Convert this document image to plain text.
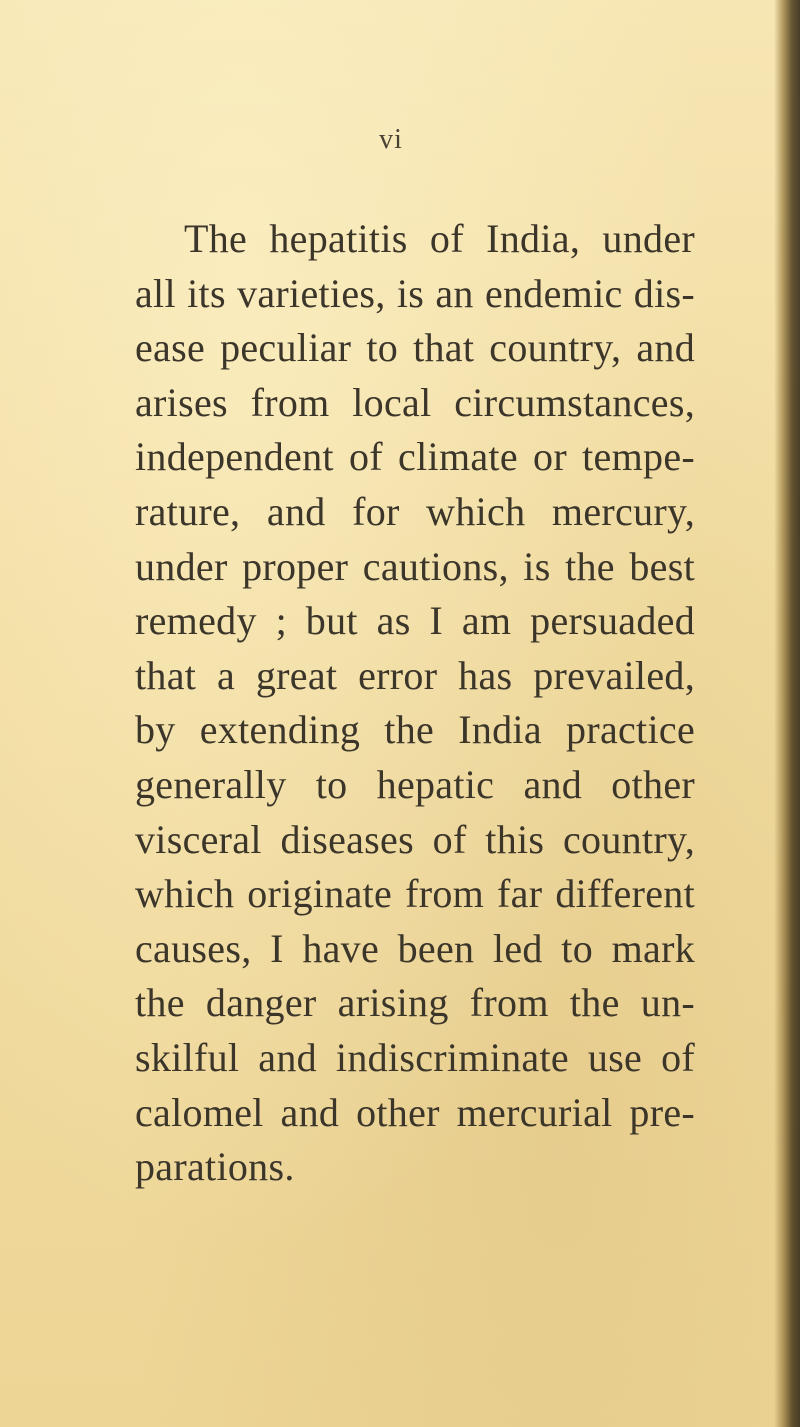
vi
The hepatitis of India, under
all its varieties, is an endemic dis-
ease peculiar to that country, and
arises from local circumstances,
independent of climate or tempe-
rature, and for which mercury,
under proper cautions, is the best
remedy ; but as I am persuaded
that a great error has prevailed,
by extending the India practice
generally to hepatic and other
visceral diseases of this country,
which originate from far different
causes, I have been led to mark
the danger arising from the un-
skilful and indiscriminate use of
calomel and other mercurial pre-
parations.
